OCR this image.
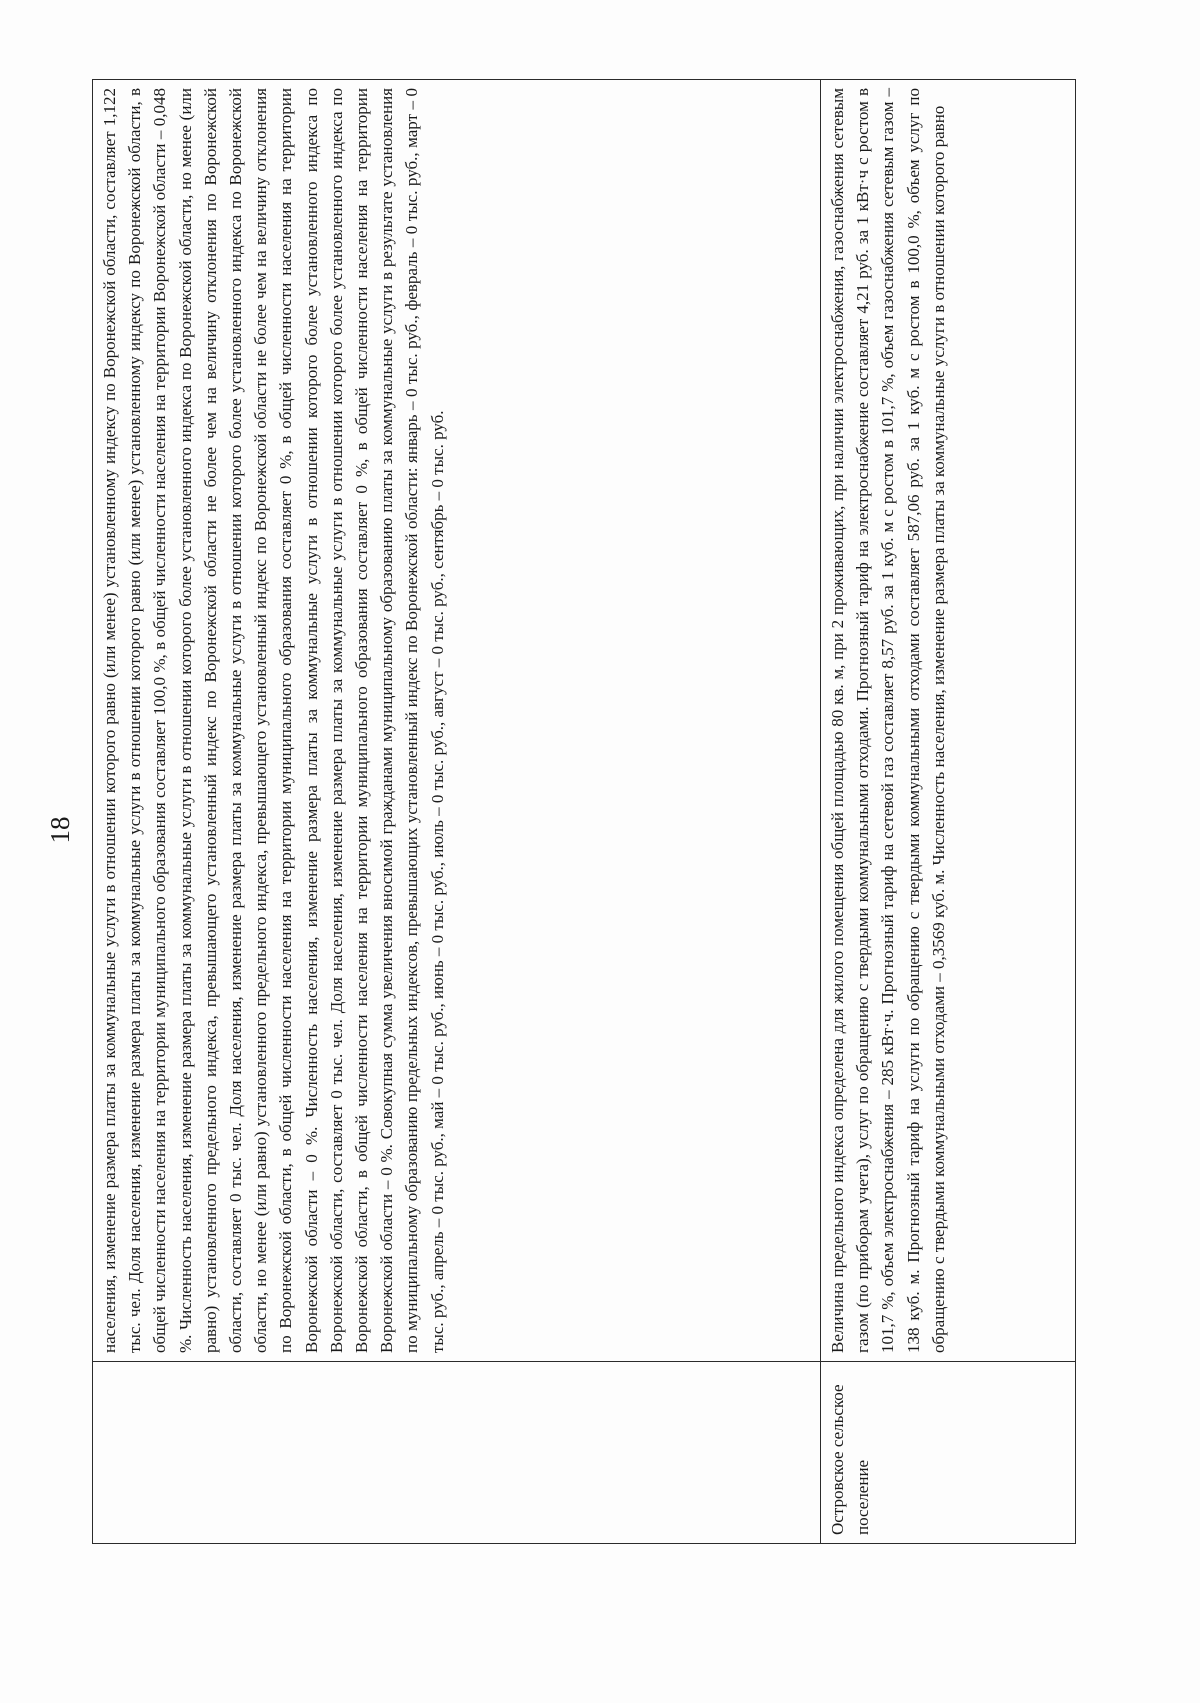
18

	населения, изменение размера платы за коммунальные услуги в отношении которого равно (или менее) установленному индексу по Воронежской области, составляет 1,122 тыс. чел. Доля населения, изменение размера платы за коммунальные услуги в отношении которого равно (или менее) установленному индексу по Воронежской области, в общей численности населения на территории муниципального образования составляет 100,0 %, в общей численности населения на территории Воронежской области – 0,048 %. Численность населения, изменение размера платы за коммунальные услуги в отношении которого более установленного индекса по Воронежской области, но менее (или равно) установленного предельного индекса, превышающего установленный индекс по Воронежской области не более чем на величину отклонения по Воронежской области, составляет 0 тыс. чел. Доля населения, изменение размера платы за коммунальные услуги в отношении которого более установленного индекса по Воронежской области, но менее (или равно) установленного предельного индекса, превышающего установленный индекс по Воронежской области не более чем на величину отклонения по Воронежской области, в общей численности населения на территории муниципального образования составляет 0 %, в общей численности населения на территории Воронежской области – 0 %. Численность населения, изменение размера платы за коммунальные услуги в отношении которого более установленного индекса по Воронежской области, составляет 0 тыс. чел. Доля населения, изменение размера платы за коммунальные услуги в отношении которого более установленного индекса по Воронежской области, в общей численности населения на территории муниципального образования составляет 0 %, в общей численности населения на территории Воронежской области – 0 %. Совокупная сумма увеличения вносимой гражданами муниципальному образованию платы за коммунальные услуги в результате установления по муниципальному образованию предельных индексов, превышающих установленный индекс по Воронежской области: январь – 0 тыс. руб., февраль – 0 тыс. руб., март – 0 тыс. руб., апрель – 0 тыс. руб., май – 0 тыс. руб., июнь – 0 тыс. руб., июль – 0 тыс. руб., август – 0 тыс. руб., сентябрь – 0 тыс. руб.

Островское сельское поселение	Величина предельного индекса определена для жилого помещения общей площадью 80 кв. м, при 2 проживающих, при наличии электроснабжения, газоснабжения сетевым газом (по приборам учета), услуг по обращению с твердыми коммунальными отходами. Прогнозный тариф на электроснабжение составляет 4,21 руб. за 1 кВт·ч с ростом в 101,7 %, объем электроснабжения – 285 кВт·ч. Прогнозный тариф на сетевой газ составляет 8,57 руб. за 1 куб. м с ростом в 101,7 %, объем газоснабжения сетевым газом – 138 куб. м. Прогнозный тариф на услуги по обращению с твердыми коммунальными отходами составляет 587,06 руб. за 1 куб. м с ростом в 100,0 %, объем услуг по обращению с твердыми коммунальными отходами – 0,3569 куб. м. Численность населения, изменение размера платы за коммунальные услуги в отношении которого равно
